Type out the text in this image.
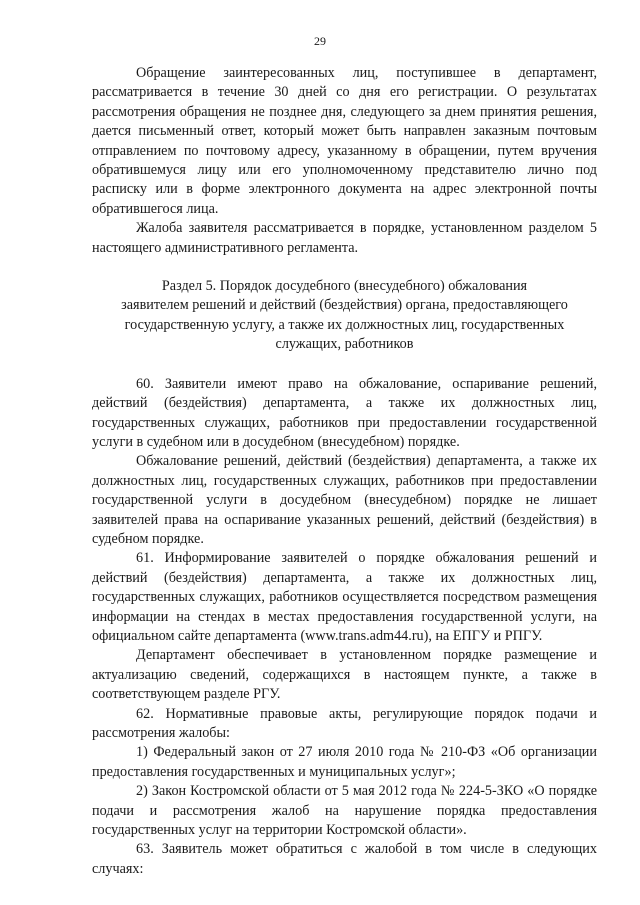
29

Обращение заинтересованных лиц, поступившее в департамент, рассматривается в течение 30 дней со дня его регистрации. О результатах рассмотрения обращения не позднее дня, следующего за днем принятия решения, дается письменный ответ, который может быть направлен заказным почтовым отправлением по почтовому адресу, указанному в обращении, путем вручения обратившемуся лицу или его уполномоченному представителю лично под расписку или в форме электронного документа на адрес электронной почты обратившегося лица.

Жалоба заявителя рассматривается в порядке, установленном разделом 5 настоящего административного регламента.

Раздел 5. Порядок досудебного (внесудебного) обжалования
заявителем решений и действий (бездействия) органа, предоставляющего
государственную услугу, а также их должностных лиц, государственных
служащих, работников

60. Заявители имеют право на обжалование, оспаривание решений, действий (бездействия) департамента, а также их должностных лиц, государственных служащих, работников при предоставлении государственной услуги в судебном или в досудебном (внесудебном) порядке.

Обжалование решений, действий (бездействия) департамента, а также их должностных лиц, государственных служащих, работников при предоставлении государственной услуги в досудебном (внесудебном) порядке не лишает заявителей права на оспаривание указанных решений, действий (бездействия) в судебном порядке.

61. Информирование заявителей о порядке обжалования решений и действий (бездействия) департамента, а также их должностных лиц, государственных служащих, работников осуществляется посредством размещения информации на стендах в местах предоставления государственной услуги, на официальном сайте департамента (www.trans.adm44.ru), на ЕПГУ и РПГУ.

Департамент обеспечивает в установленном порядке размещение и актуализацию сведений, содержащихся в настоящем пункте, а также в соответствующем разделе РГУ.

62. Нормативные правовые акты, регулирующие порядок подачи и рассмотрения жалобы:

1) Федеральный закон от 27 июля 2010 года № 210-ФЗ «Об организации предоставления государственных и муниципальных услуг»;

2) Закон Костромской области от 5 мая 2012 года № 224-5-ЗКО «О порядке подачи и рассмотрения жалоб на нарушение порядка предоставления государственных услуг на территории Костромской области».

63. Заявитель может обратиться с жалобой в том числе в следующих случаях:
